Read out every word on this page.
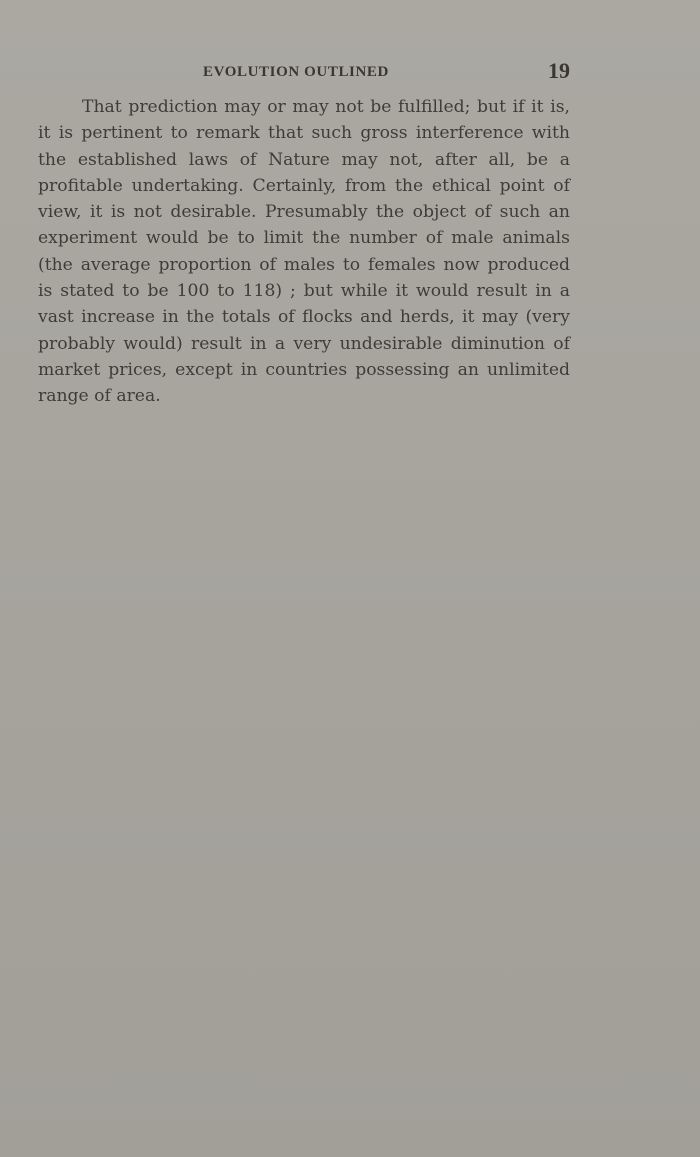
EVOLUTION OUTLINED	19

That prediction may or may not be fulfilled; but if it is, it is pertinent to remark that such gross interference with the established laws of Nature may not, after all, be a profitable undertaking. Certainly, from the ethical point of view, it is not desirable. Presumably the object of such an experiment would be to limit the number of male animals (the average proportion of males to females now produced is stated to be 100 to 118) ; but while it would result in a vast increase in the totals of flocks and herds, it may (very probably would) result in a very undesirable diminution of market prices, except in countries possessing an unlimited range of area.
